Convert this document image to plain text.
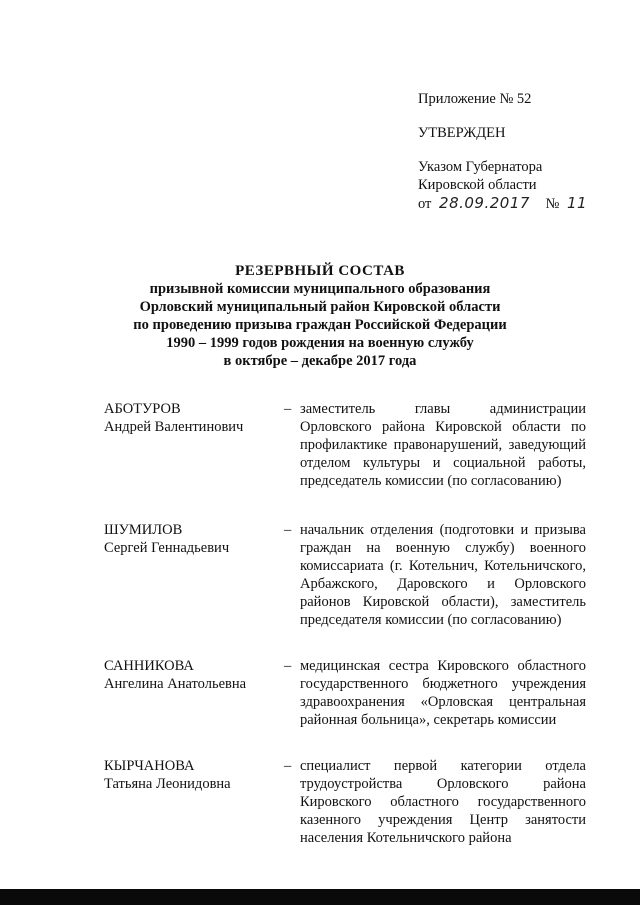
Приложение № 52
УТВЕРЖДЕН
Указом Губернатора
Кировской области
от 28.09.2017 № 11
РЕЗЕРВНЫЙ СОСТАВ
призывной комиссии муниципального образования
Орловский муниципальный район Кировской области
по проведению призыва граждан Российской Федерации
1990 – 1999 годов рождения на военную службу
в октябре – декабре 2017 года
АБОТУРОВ
Андрей Валентинович
– заместитель главы администрации Орловского района Кировской области по профилактике правонарушений, заведующий отделом культуры и социальной работы, председатель комиссии (по согласованию)
ШУМИЛОВ
Сергей Геннадьевич
– начальник отделения (подготовки и призыва граждан на военную службу) военного комиссариата (г. Котельнич, Котельничского, Арбажского, Даровского и Орловского районов Кировской области), заместитель председателя комиссии (по согласованию)
САННИКОВА
Ангелина Анатольевна
– медицинская сестра Кировского областного государственного бюджетного учреждения здравоохранения «Орловская центральная районная больница», секретарь комиссии
КЫРЧАНОВА
Татьяна Леонидовна
– специалист первой категории отдела трудоустройства Орловского района Кировского областного государственного казенного учреждения Центр занятости населения Котельничского района
